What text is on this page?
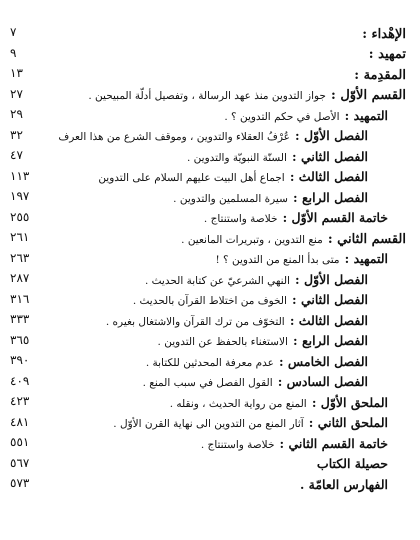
٧	الإهْداء :
٩	تمهيد :
١٣	المقدِمة :
٢٧	القسم الأوّل : جواز التدوين منذ عهد الرسالة ، وتفصيل أدلّة المبيحين .
٢٩	التمهيد : الأصل في حكم التدوين ؟ .
٣٢	الفصل الأوّل : عُرْفُ العقلاء والتدوين ، وموقف الشرع من هذا العرف
٤٧	الفصل الثاني : السنّة النبويّة والتدوين .
١١٣	الفصل الثالث : اجماع أهل البيت عليهم السلام على التدوين
١٩٧	الفصل الرابع : سيرة المسلمين والتدوين .
٢٥٥	خاتمة القسم الأوّل : خلاصة واستنتاج .
٢٦١	القسم الثاني : منع التدوين ، وتبريرات المانعين .
٢٦٣	التمهيد : متى بدأ المنع من التدوين ؟ !
٢٨٧	الفصل الأوّل : النهي الشرعيّ عن كتابة الحديث .
٣١٦	الفصل الثاني : الخوف من اختلاط القرآن بالحديث .
٣٣٣	الفصل الثالث : التخوّف من ترك القرآن والاشتغال بغيره .
٣٦٥	الفصل الرابع : الاستغناء بالحفظ عن التدوين .
٣٩٠	الفصل الخامس : عدم معرفة المحدثين للكتابة .
٤٠٩	الفصل السادس : القول الفصل في سبب المنع .
٤٢٣	الملحق الأوّل : المنع من رواية الحديث ، ونقله .
٤٨١	الملحق الثاني : آثار المنع من التدوين الى نهاية القرن الأوّل .
٥٥١	خاتمة القسم الثاني : خلاصة واستنتاج .
٥٦٧	حصيلة الكتاب
٥٧٣	الفهارس العامّة .
